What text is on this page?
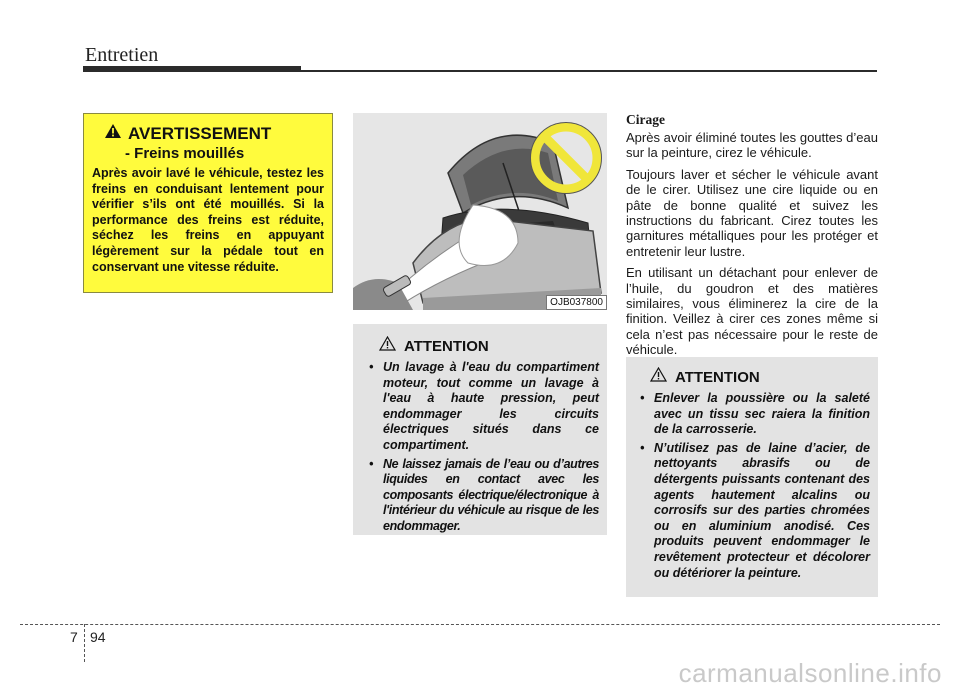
Entretien
AVERTISSEMENT
- Freins mouillés
Après avoir lavé le véhicule, testez les freins en conduisant lentement pour vérifier s’ils ont été mouillés. Si la performance des freins est réduite, séchez les freins en appuyant légèrement sur la pédale tout en conservant une vitesse réduite.
OJB037800
ATTENTION
• Un lavage à l'eau du compartiment moteur, tout comme un lavage à l'eau à haute pression, peut endommager les circuits électriques situés dans ce compartiment.
• Ne laissez jamais de l’eau ou d’autres liquides en contact avec les composants électrique/électronique à l'intérieur du véhicule au risque de les endommager.
Cirage

Après avoir éliminé toutes les gouttes d’eau sur la peinture, cirez le véhicule.

Toujours laver et sécher le véhicule avant de le cirer. Utilisez une cire liquide ou en pâte de bonne qualité et suivez les instructions du fabricant. Cirez toutes les garnitures métalliques pour les protéger et entretenir leur lustre.

En utilisant un détachant pour enlever de l’huile, du goudron et des matières similaires, vous éliminerez la cire de la finition. Veillez à cirer ces zones même si cela n’est pas nécessaire pour le reste de véhicule.

ATTENTION
• Enlever la poussière ou la saleté avec un tissu sec raiera la finition de la carrosserie.
• N’utilisez pas de laine d’acier, de nettoyants abrasifs ou de détergents puissants contenant des agents hautement alcalins ou corrosifs sur des parties chromées ou en aluminium anodisé. Ces produits peuvent endommager le revêtement protecteur et décolorer ou détériorer la peinture.
7 94
carmanualsonline.info
